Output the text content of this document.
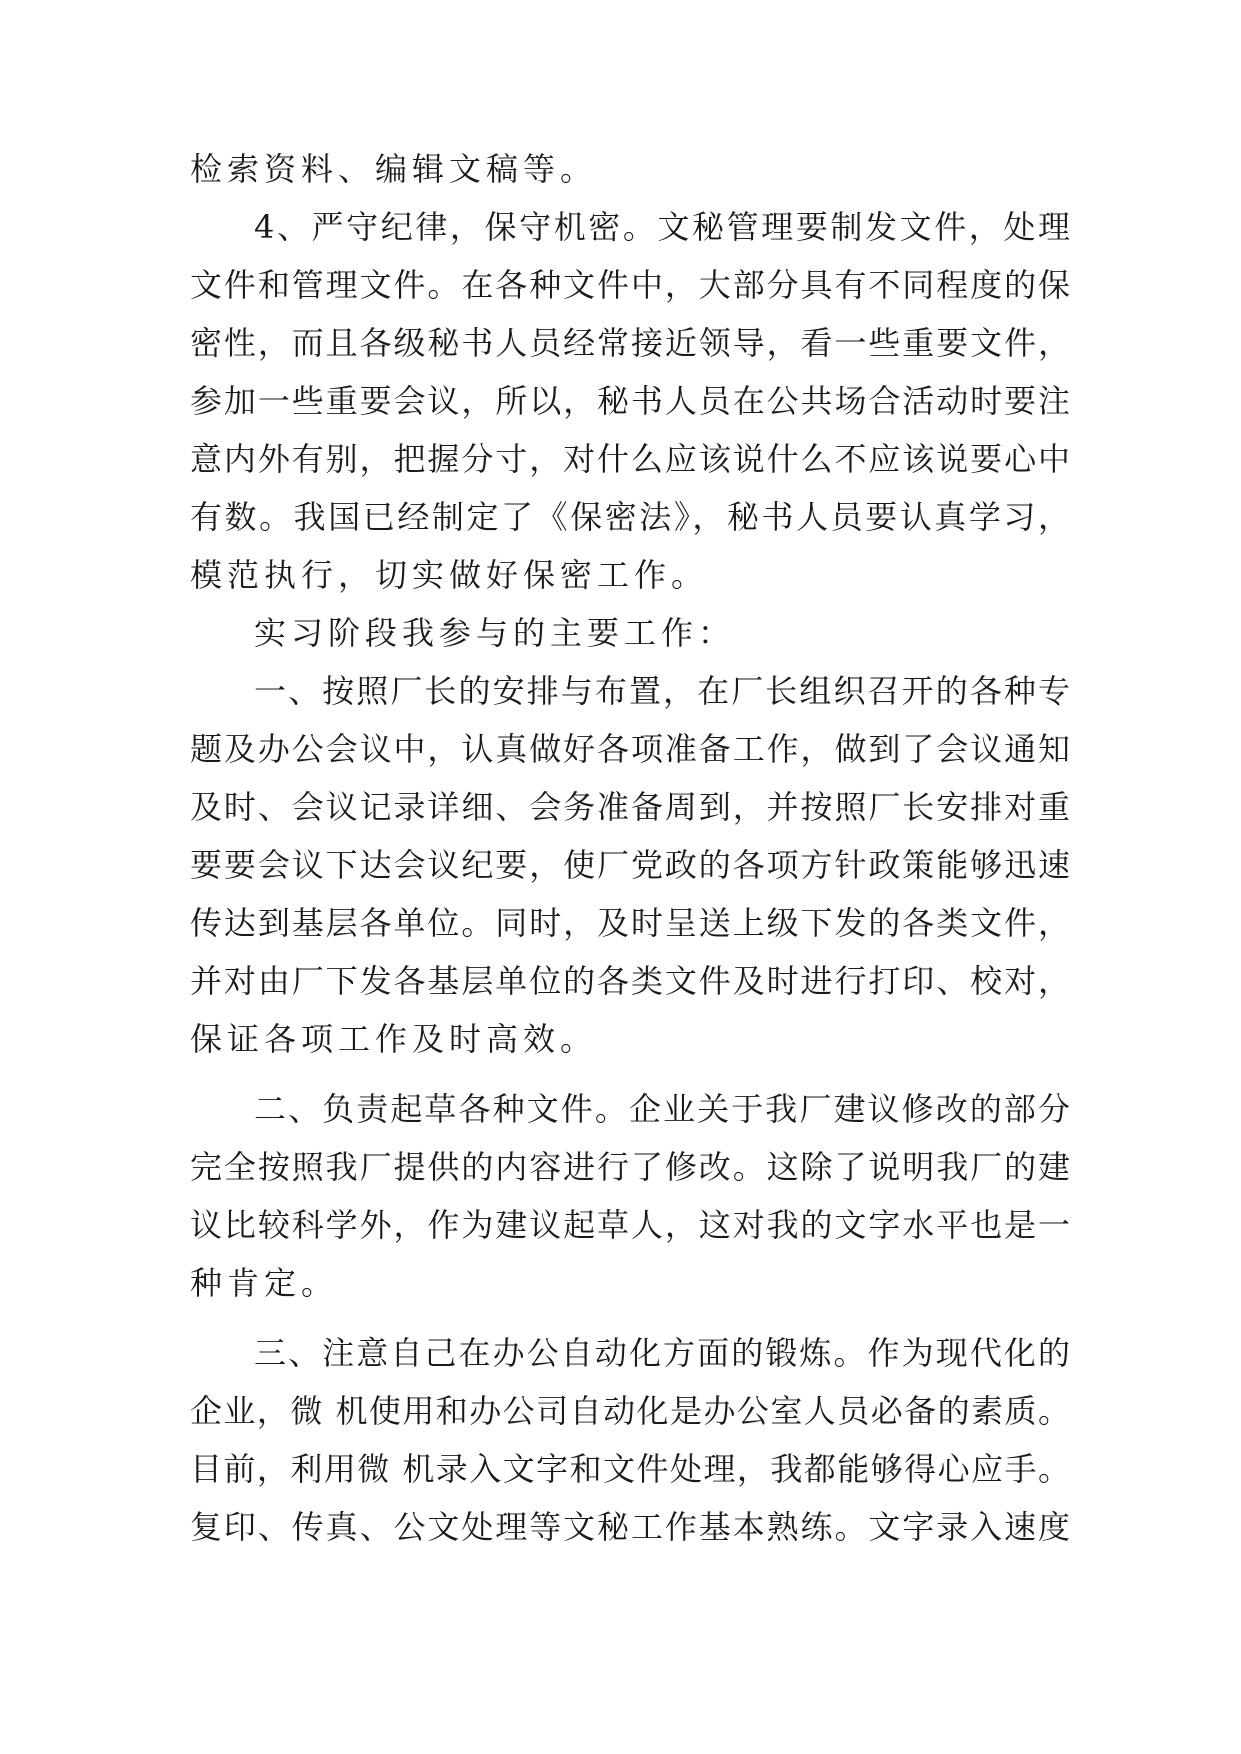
检索资料、编辑文稿等。
4、严守纪律，保守机密。文秘管理要制发文件，处理
文件和管理文件。在各种文件中，大部分具有不同程度的保
密性，而且各级秘书人员经常接近领导，看一些重要文件，
参加一些重要会议，所以，秘书人员在公共场合活动时要注
意内外有别，把握分寸，对什么应该说什么不应该说要心中
有数。我国已经制定了《保密法》，秘书人员要认真学习，
模范执行，切实做好保密工作。
实习阶段我参与的主要工作：
一、按照厂长的安排与布置，在厂长组织召开的各种专
题及办公会议中，认真做好各项准备工作，做到了会议通知
及时、会议记录详细、会务准备周到，并按照厂长安排对重
要要会议下达会议纪要，使厂党政的各项方针政策能够迅速
传达到基层各单位。同时，及时呈送上级下发的各类文件，
并对由厂下发各基层单位的各类文件及时进行打印、校对，
保证各项工作及时高效。
二、负责起草各种文件。企业关于我厂建议修改的部分
完全按照我厂提供的内容进行了修改。这除了说明我厂的建
议比较科学外，作为建议起草人，这对我的文字水平也是一
种肯定。
三、注意自己在办公自动化方面的锻炼。作为现代化的
企业，微 机使用和办公司自动化是办公室人员必备的素质。
目前，利用微 机录入文字和文件处理，我都能够得心应手。
复印、传真、公文处理等文秘工作基本熟练。文字录入速度
